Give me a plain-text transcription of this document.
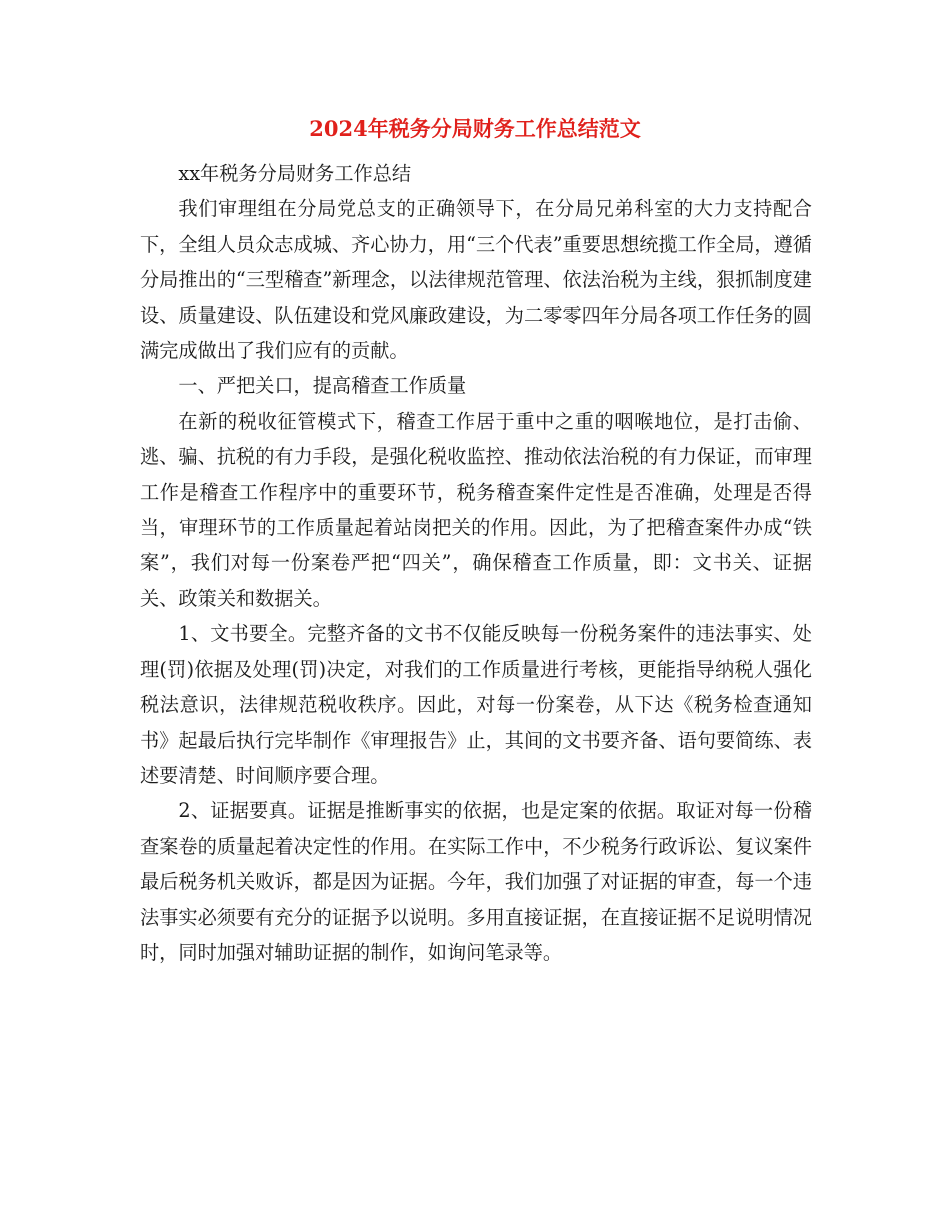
2024年税务分局财务工作总结范文

xx年税务分局财务工作总结

我们审理组在分局党总支的正确领导下，在分局兄弟科室的大力支持配合下，全组人员众志成城、齐心协力，用“三个代表”重要思想统揽工作全局，遵循分局推出的“三型稽查”新理念，以法律规范管理、依法治税为主线，狠抓制度建设、质量建设、队伍建设和党风廉政建设，为二零零四年分局各项工作任务的圆满完成做出了我们应有的贡献。

一、严把关口，提高稽查工作质量

在新的税收征管模式下，稽查工作居于重中之重的咽喉地位，是打击偷、逃、骗、抗税的有力手段，是强化税收监控、推动依法治税的有力保证，而审理工作是稽查工作程序中的重要环节，税务稽查案件定性是否准确，处理是否得当，审理环节的工作质量起着站岗把关的作用。因此，为了把稽查案件办成“铁案”，我们对每一份案卷严把“四关”，确保稽查工作质量，即：文书关、证据关、政策关和数据关。

1、文书要全。完整齐备的文书不仅能反映每一份税务案件的违法事实、处理(罚)依据及处理(罚)决定，对我们的工作质量进行考核，更能指导纳税人强化税法意识，法律规范税收秩序。因此，对每一份案卷，从下达《税务检查通知书》起最后执行完毕制作《审理报告》止，其间的文书要齐备、语句要简练、表述要清楚、时间顺序要合理。

2、证据要真。证据是推断事实的依据，也是定案的依据。取证对每一份稽查案卷的质量起着决定性的作用。在实际工作中，不少税务行政诉讼、复议案件最后税务机关败诉，都是因为证据。今年，我们加强了对证据的审查，每一个违法事实必须要有充分的证据予以说明。多用直接证据，在直接证据不足说明情况时，同时加强对辅助证据的制作，如询问笔录等。
